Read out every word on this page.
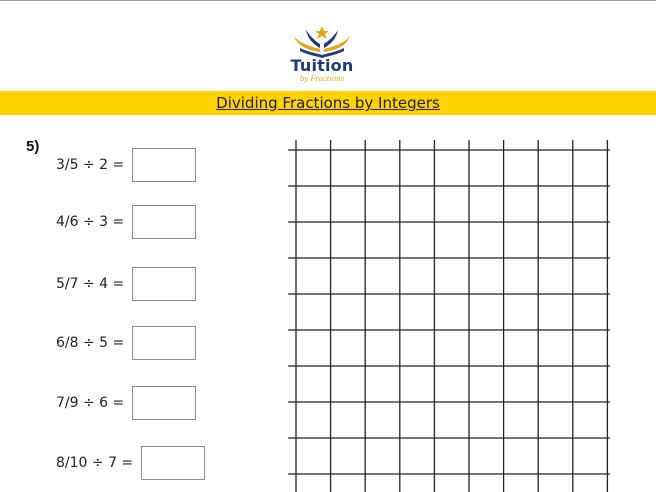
Tuition
by Fractions
Dividing Fractions by Integers
5)
3/5 ÷ 2 =
4/6 ÷ 3 =
5/7 ÷ 4 =
6/8 ÷ 5 =
7/9 ÷ 6 =
8/10 ÷ 7 =
